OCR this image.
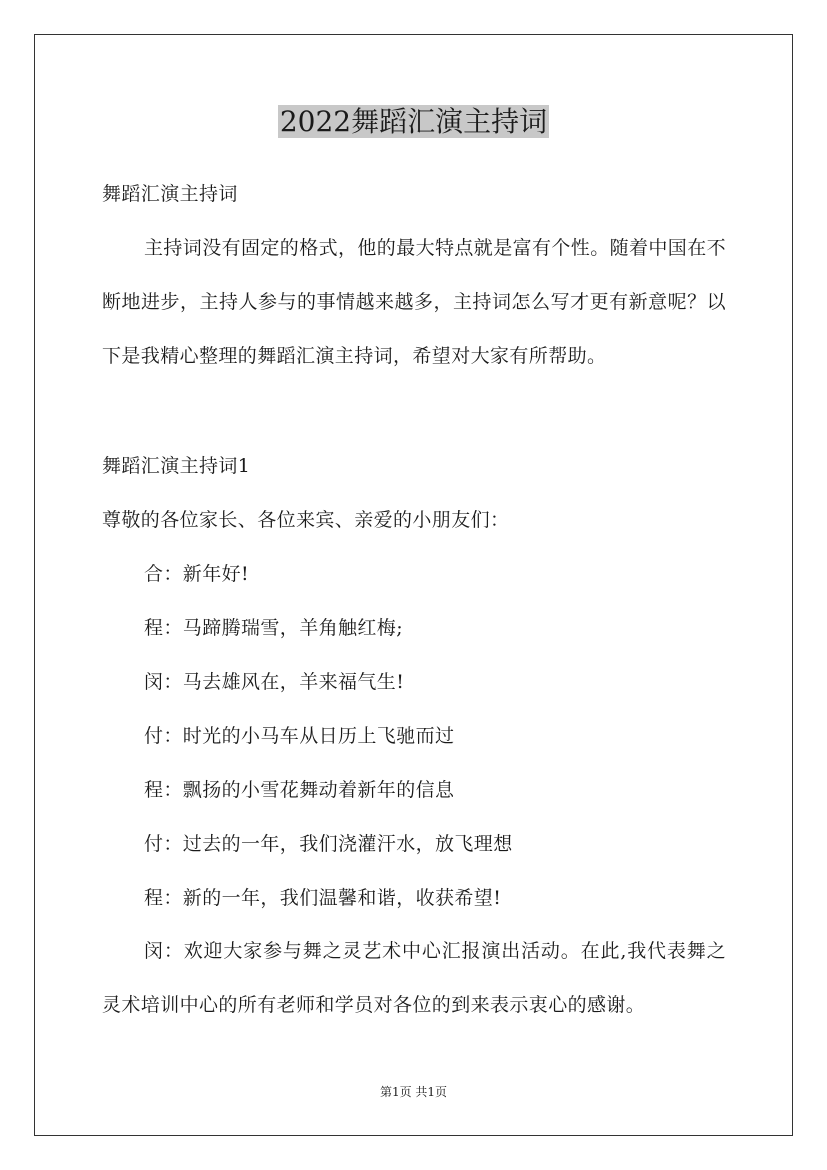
2022舞蹈汇演主持词
舞蹈汇演主持词
主持词没有固定的格式，他的最大特点就是富有个性。随着中国在不断地进步，主持人参与的事情越来越多，主持词怎么写才更有新意呢？以下是我精心整理的舞蹈汇演主持词，希望对大家有所帮助。
舞蹈汇演主持词1
尊敬的各位家长、各位来宾、亲爱的小朋友们：
合：新年好!
程：马蹄腾瑞雪，羊角触红梅;
闵：马去雄风在，羊来福气生!
付：时光的小马车从日历上飞驰而过
程：飘扬的小雪花舞动着新年的信息
付：过去的一年，我们浇灌汗水，放飞理想
程：新的一年，我们温馨和谐，收获希望!
闵：欢迎大家参与舞之灵艺术中心汇报演出活动。在此,我代表舞之灵术培训中心的所有老师和学员对各位的到来表示衷心的感谢。
第1页 共1页
